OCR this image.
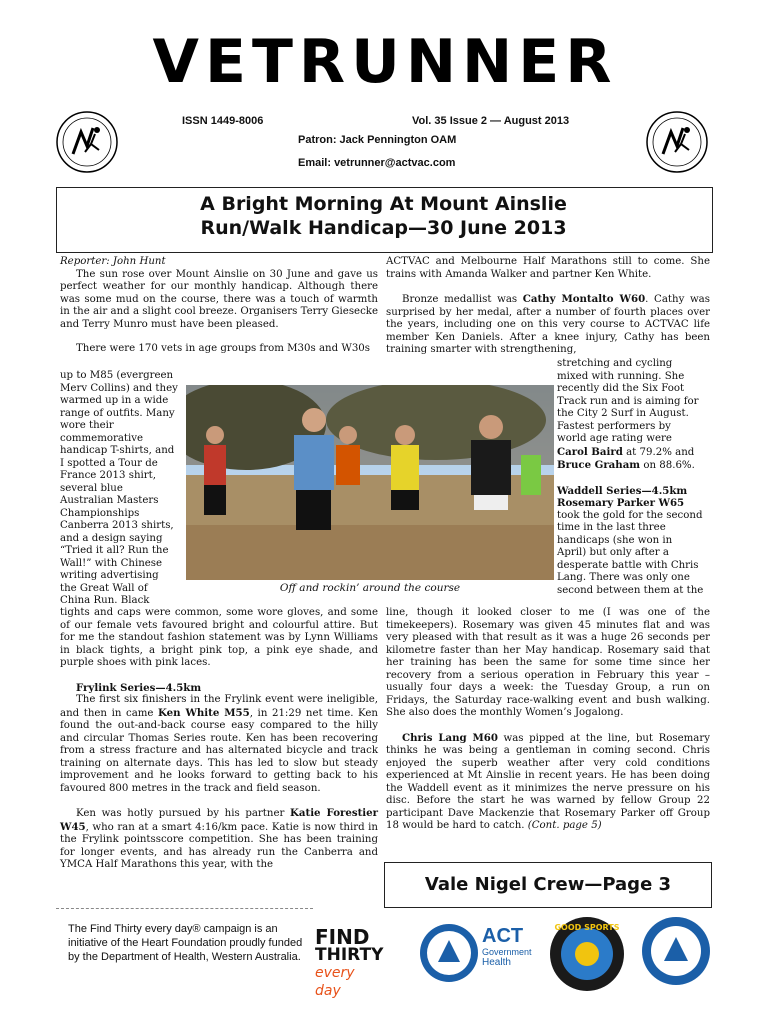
VETRUNNER
ISSN 1449-8006	Vol. 35 Issue 2 — August 2013
Patron: Jack Pennington OAM
Email: vetrunner@actvac.com
A Bright Morning At Mount Ainslie
Run/Walk Handicap—30 June 2013

Reporter: John Hunt

The sun rose over Mount Ainslie on 30 June and gave us perfect weather for our monthly handicap. Although there was some mud on the course, there was a touch of warmth in the air and a slight cool breeze. Organisers Terry Giesecke and Terry Munro must have been pleased.

There were 170 vets in age groups from M30s and W30s

up to M85 (evergreen
Merv Collins) and they
warmed up in a wide
range of outfits. Many
wore their
commemorative
handicap T-shirts, and
I spotted a Tour de
France 2013 shirt,
several blue
Australian Masters
Championships
Canberra 2013 shirts,
and a design saying
“Tried it all? Run the
Wall!” with Chinese
writing advertising
the Great Wall of
China Run. Black

tights and caps were common, some wore gloves, and some of our female vets favoured bright and colourful attire. But for me the standout fashion statement was by Lynn Williams in black tights, a bright pink top, a pink eye shade, and purple shoes with pink laces.

Frylink Series—4.5km

The first six finishers in the Frylink event were ineligible, and then in came Ken White M55, in 21:29 net time. Ken found the out-and-back course easy compared to the hilly and circular Thomas Series route. Ken has been recovering from a stress fracture and has alternated bicycle and track training on alternate days. This has led to slow but steady improvement and he looks forward to getting back to his favoured 800 metres in the track and field season.

Ken was hotly pursued by his partner Katie Forestier W45, who ran at a smart 4:16/km pace. Katie is now third in the Frylink pointsscore competition. She has been training for longer events, and has already run the Canberra and YMCA Half Marathons this year, with the

ACTVAC and Melbourne Half Marathons still to come. She trains with Amanda Walker and partner Ken White.

Bronze medallist was Cathy Montalto W60. Cathy was surprised by her medal, after a number of fourth places over the years, including one on this very course to ACTVAC life member Ken Daniels. After a knee injury, Cathy has been training smarter with strengthening,

stretching and cycling
mixed with running. She
recently did the Six Foot
Track run and is aiming for
the City 2 Surf in August.
Fastest performers by
world age rating were
Carol Baird at 79.2% and
Bruce Graham on 88.6%.
Waddell Series—4.5km
Rosemary Parker W65
took the gold for the second
time in the last three
handicaps (she won in
April) but only after a
desperate battle with Chris
Lang. There was only one
second between them at the

line, though it looked closer to me (I was one of the timekeepers). Rosemary was given 45 minutes flat and was very pleased with that result as it was a huge 26 seconds per kilometre faster than her May handicap. Rosemary said that her training has been the same for some time since her recovery from a serious operation in February this year – usually four days a week: the Tuesday Group, a run on Fridays, the Saturday race-walking event and bush walking. She also does the monthly Women’s Jogalong.

Chris Lang M60 was pipped at the line, but Rosemary thinks he was being a gentleman in coming second. Chris enjoyed the superb weather after very cold conditions experienced at Mt Ainslie in recent years. He has been doing the Waddell event as it minimizes the nerve pressure on his disc. Before the start he was warned by fellow Group 22 participant Dave Mackenzie that Rosemary Parker off Group 18 would be hard to catch. (Cont. page 5)

Off and rockin’ around the course
Vale Nigel Crew—Page 3
The Find Thirty every day® campaign is an initiative of the Heart Foundation proudly funded by the Department of Health, Western Australia.
FIND
THIRTY
every day
ACT
Government
Health
GOOD SPORTS
